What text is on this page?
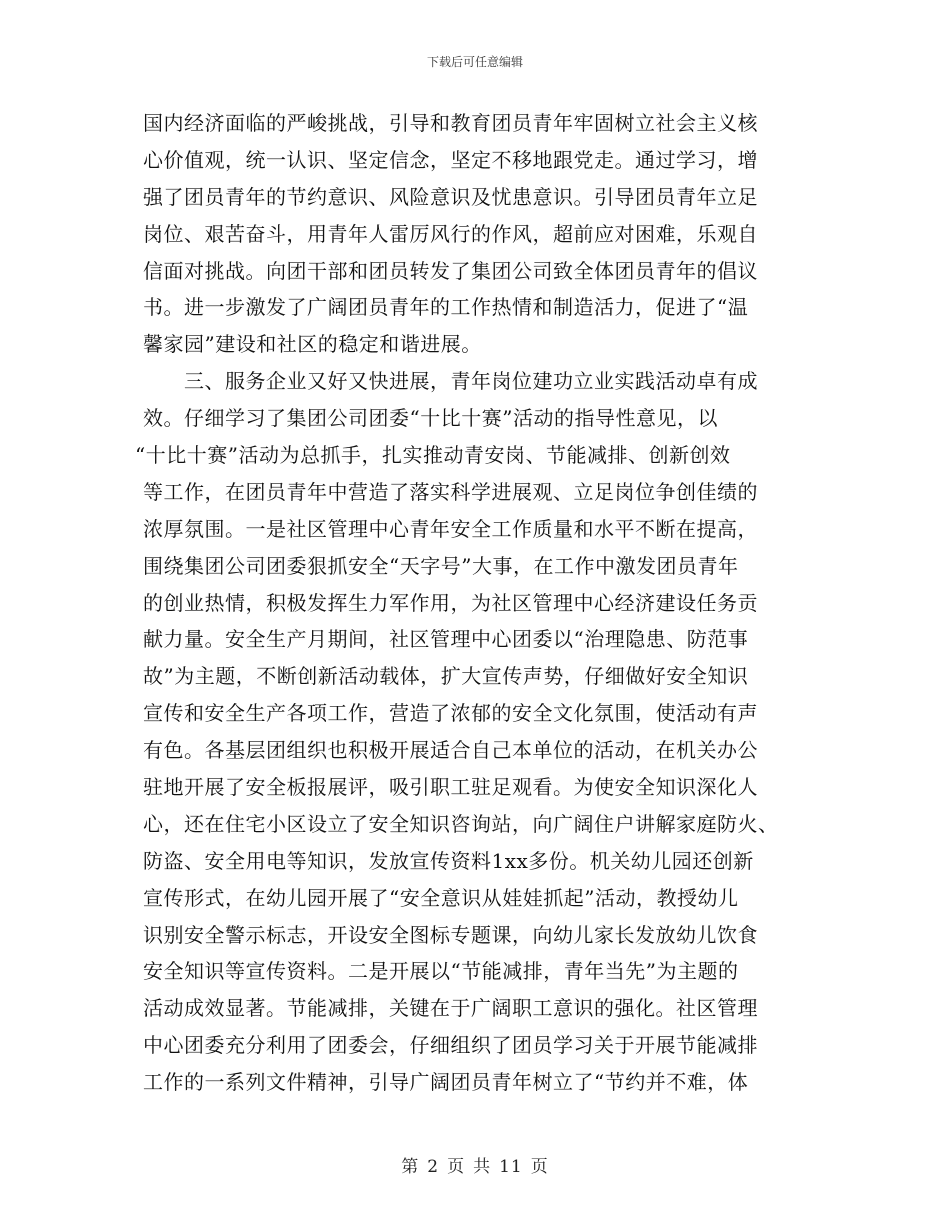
下载后可任意编辑
国内经济面临的严峻挑战，引导和教育团员青年牢固树立社会主义核
心价值观，统一认识、坚定信念，坚定不移地跟党走。通过学习，增
强了团员青年的节约意识、风险意识及忧患意识。引导团员青年立足
岗位、艰苦奋斗，用青年人雷厉风行的作风，超前应对困难，乐观自
信面对挑战。向团干部和团员转发了集团公司致全体团员青年的倡议
书。进一步激发了广阔团员青年的工作热情和制造活力，促进了“温
馨家园”建设和社区的稳定和谐进展。
三、服务企业又好又快进展，青年岗位建功立业实践活动卓有成
效。仔细学习了集团公司团委“十比十赛”活动的指导性意见，以
“十比十赛”活动为总抓手，扎实推动青安岗、节能减排、创新创效
等工作，在团员青年中营造了落实科学进展观、立足岗位争创佳绩的
浓厚氛围。一是社区管理中心青年安全工作质量和水平不断在提高，
围绕集团公司团委狠抓安全“天字号”大事，在工作中激发团员青年
的创业热情，积极发挥生力军作用，为社区管理中心经济建设任务贡
献力量。安全生产月期间，社区管理中心团委以“治理隐患、防范事
故”为主题，不断创新活动载体，扩大宣传声势，仔细做好安全知识
宣传和安全生产各项工作，营造了浓郁的安全文化氛围，使活动有声
有色。各基层团组织也积极开展适合自己本单位的活动，在机关办公
驻地开展了安全板报展评，吸引职工驻足观看。为使安全知识深化人
心，还在住宅小区设立了安全知识咨询站，向广阔住户讲解家庭防火、
防盗、安全用电等知识，发放宣传资料1xx多份。机关幼儿园还创新
宣传形式，在幼儿园开展了“安全意识从娃娃抓起”活动，教授幼儿
识别安全警示标志，开设安全图标专题课，向幼儿家长发放幼儿饮食
安全知识等宣传资料。二是开展以“节能减排，青年当先”为主题的
活动成效显著。节能减排，关键在于广阔职工意识的强化。社区管理
中心团委充分利用了团委会，仔细组织了团员学习关于开展节能减排
工作的一系列文件精神，引导广阔团员青年树立了“节约并不难，体
第 2 页 共 11 页
